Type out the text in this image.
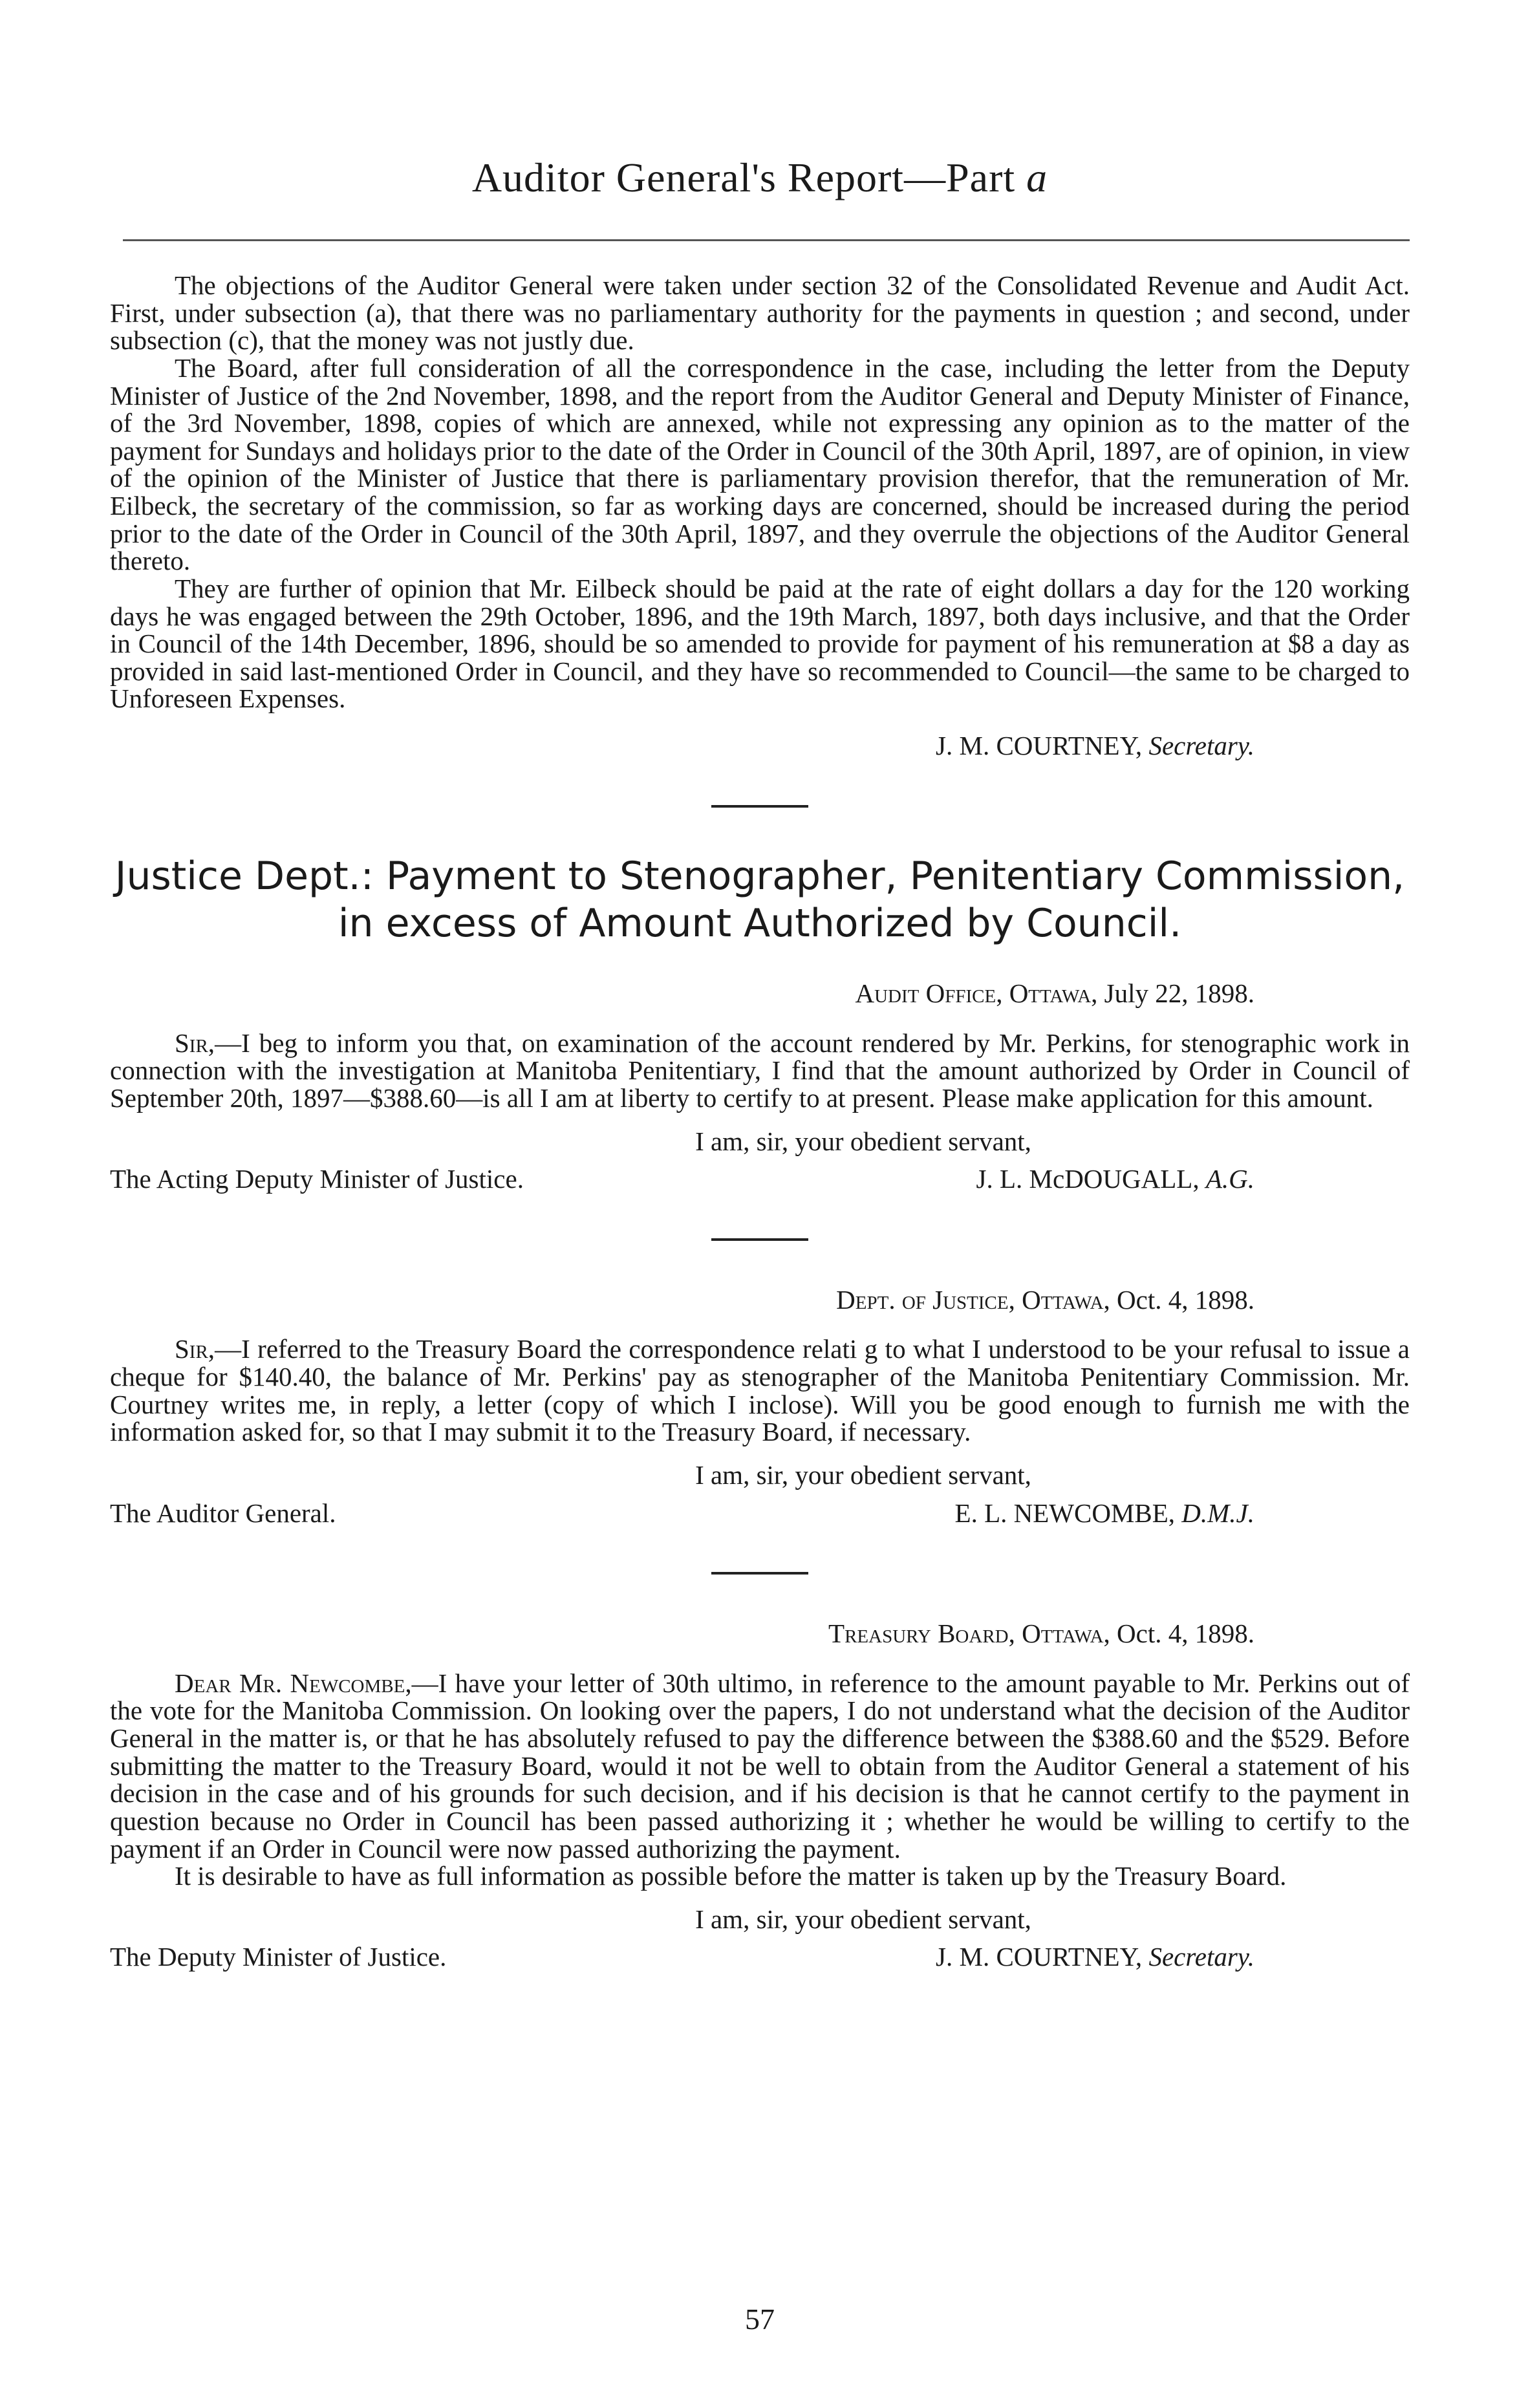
Auditor General's Report—Part a

The objections of the Auditor General were taken under section 32 of the Consolidated Revenue and Audit Act. First, under subsection (a), that there was no parliamentary authority for the payments in question ; and second, under subsection (c), that the money was not justly due.

The Board, after full consideration of all the correspondence in the case, including the letter from the Deputy Minister of Justice of the 2nd November, 1898, and the report from the Auditor General and Deputy Minister of Finance, of the 3rd November, 1898, copies of which are annexed, while not expressing any opinion as to the matter of the payment for Sundays and holidays prior to the date of the Order in Council of the 30th April, 1897, are of opinion, in view of the opinion of the Minister of Justice that there is parliamentary provision therefor, that the remuneration of Mr. Eilbeck, the secretary of the commission, so far as working days are concerned, should be increased during the period prior to the date of the Order in Council of the 30th April, 1897, and they overrule the objections of the Auditor General thereto.

They are further of opinion that Mr. Eilbeck should be paid at the rate of eight dollars a day for the 120 working days he was engaged between the 29th October, 1896, and the 19th March, 1897, both days inclusive, and that the Order in Council of the 14th December, 1896, should be so amended to provide for payment of his remuneration at $8 a day as provided in said last-mentioned Order in Council, and they have so recommended to Council—the same to be charged to Unforeseen Expenses.

J. M. COURTNEY, Secretary.
Justice Dept.: Payment to Stenographer, Penitentiary Commission,
in excess of Amount Authorized by Council.
Audit Office, Ottawa, July 22, 1898.

Sir,—I beg to inform you that, on examination of the account rendered by Mr. Perkins, for stenographic work in connection with the investigation at Manitoba Penitentiary, I find that the amount authorized by Order in Council of September 20th, 1897—$388.60—is all I am at liberty to certify to at present. Please make application for this amount.

I am, sir, your obedient servant,
The Acting Deputy Minister of Justice.	J. L. McDOUGALL, A.G.
Dept. of Justice, Ottawa, Oct. 4, 1898.

Sir,—I referred to the Treasury Board the correspondence relati g to what I understood to be your refusal to issue a cheque for $140.40, the balance of Mr. Perkins' pay as stenographer of the Manitoba Penitentiary Commission. Mr. Courtney writes me, in reply, a letter (copy of which I inclose). Will you be good enough to furnish me with the information asked for, so that I may submit it to the Treasury Board, if necessary.

I am, sir, your obedient servant,
The Auditor General.	E. L. NEWCOMBE, D.M.J.
Treasury Board, Ottawa, Oct. 4, 1898.

Dear Mr. Newcombe,—I have your letter of 30th ultimo, in reference to the amount payable to Mr. Perkins out of the vote for the Manitoba Commission. On looking over the papers, I do not understand what the decision of the Auditor General in the matter is, or that he has absolutely refused to pay the difference between the $388.60 and the $529. Before submitting the matter to the Treasury Board, would it not be well to obtain from the Auditor General a statement of his decision in the case and of his grounds for such decision, and if his decision is that he cannot certify to the payment in question because no Order in Council has been passed authorizing it ; whether he would be willing to certify to the payment if an Order in Council were now passed authorizing the payment.

It is desirable to have as full information as possible before the matter is taken up by the Treasury Board.

I am, sir, your obedient servant,
The Deputy Minister of Justice.	J. M. COURTNEY, Secretary.
57
